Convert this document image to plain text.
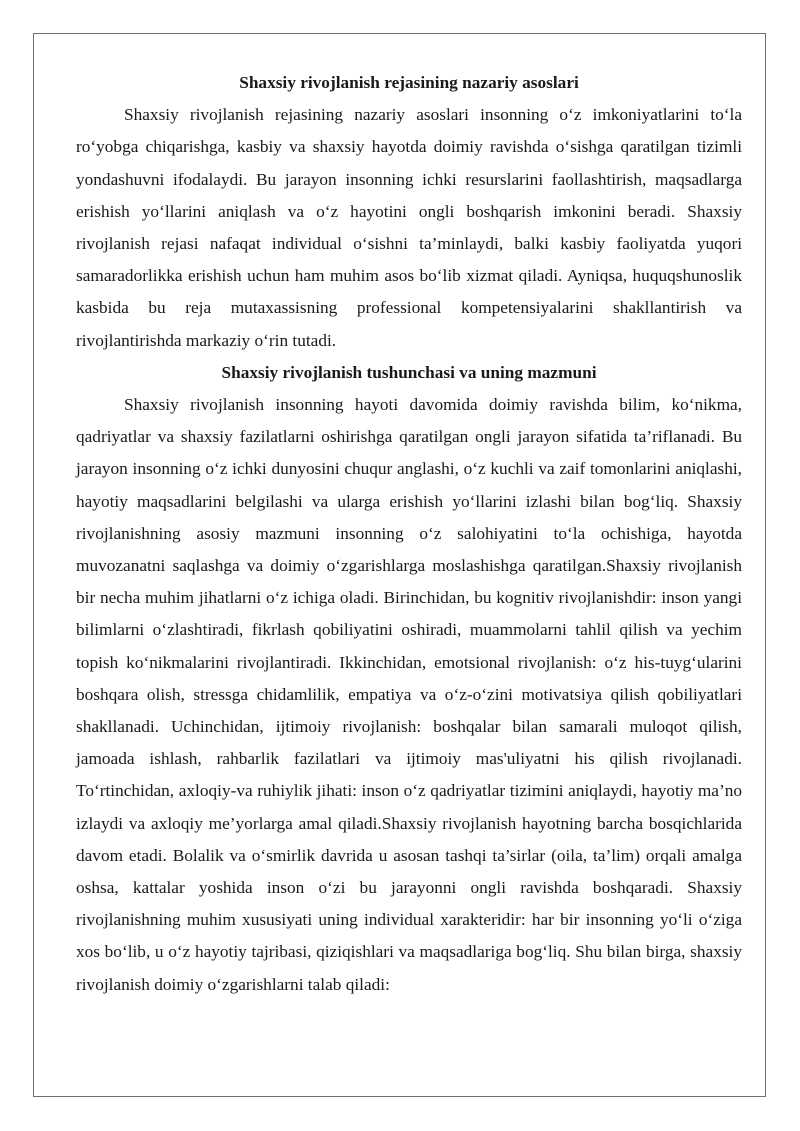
Shaxsiy rivojlanish rejasining nazariy asoslari

Shaxsiy rivojlanish rejasining nazariy asoslari insonning o‘z imkoniyatlarini to‘la ro‘yobga chiqarishga, kasbiy va shaxsiy hayotda doimiy ravishda o‘sishga qaratilgan tizimli yondashuvni ifodalaydi. Bu jarayon insonning ichki resurslarini faollashtirish, maqsadlarga erishish yo‘llarini aniqlash va o‘z hayotini ongli boshqarish imkonini beradi. Shaxsiy rivojlanish rejasi nafaqat individual o‘sishni ta’minlaydi, balki kasbiy faoliyatda yuqori samaradorlikka erishish uchun ham muhim asos bo‘lib xizmat qiladi. Ayniqsa, huquqshunoslik kasbida bu reja mutaxassisning professional kompetensiyalarini shakllantirish va rivojlantirishda markaziy o‘rin tutadi.

Shaxsiy rivojlanish tushunchasi va uning mazmuni

Shaxsiy rivojlanish insonning hayoti davomida doimiy ravishda bilim, ko‘nikma, qadriyatlar va shaxsiy fazilatlarni oshirishga qaratilgan ongli jarayon sifatida ta’riflanadi. Bu jarayon insonning o‘z ichki dunyosini chuqur anglashi, o‘z kuchli va zaif tomonlarini aniqlashi, hayotiy maqsadlarini belgilashi va ularga erishish yo‘llarini izlashi bilan bog‘liq. Shaxsiy rivojlanishning asosiy mazmuni insonning o‘z salohiyatini to‘la ochishiga, hayotda muvozanatni saqlashga va doimiy o‘zgarishlarga moslashishga qaratilgan.Shaxsiy rivojlanish bir necha muhim jihatlarni o‘z ichiga oladi. Birinchidan, bu kognitiv rivojlanishdir: inson yangi bilimlarni o‘zlashtiradi, fikrlash qobiliyatini oshiradi, muammolarni tahlil qilish va yechim topish ko‘nikmalarini rivojlantiradi. Ikkinchidan, emotsional rivojlanish: o‘z his-tuyg‘ularini boshqara olish, stressga chidamlilik, empatiya va o‘z-o‘zini motivatsiya qilish qobiliyatlari shakllanadi. Uchinchidan, ijtimoiy rivojlanish: boshqalar bilan samarali muloqot qilish, jamoada ishlash, rahbarlik fazilatlari va ijtimoiy mas'uliyatni his qilish rivojlanadi. To‘rtinchidan, axloqiy-va ruhiylik jihati: inson o‘z qadriyatlar tizimini aniqlaydi, hayotiy ma’no izlaydi va axloqiy me’yorlarga amal qiladi.Shaxsiy rivojlanish hayotning barcha bosqichlarida davom etadi. Bolalik va o‘smirlik davrida u asosan tashqi ta’sirlar (oila, ta’lim) orqali amalga oshsa, kattalar yoshida inson o‘zi bu jarayonni ongli ravishda boshqaradi. Shaxsiy rivojlanishning muhim xususiyati uning individual xarakteridir: har bir insonning yo‘li o‘ziga xos bo‘lib, u o‘z hayotiy tajribasi, qiziqishlari va maqsadlariga bog‘liq. Shu bilan birga, shaxsiy rivojlanish doimiy o‘zgarishlarni talab qiladi:
